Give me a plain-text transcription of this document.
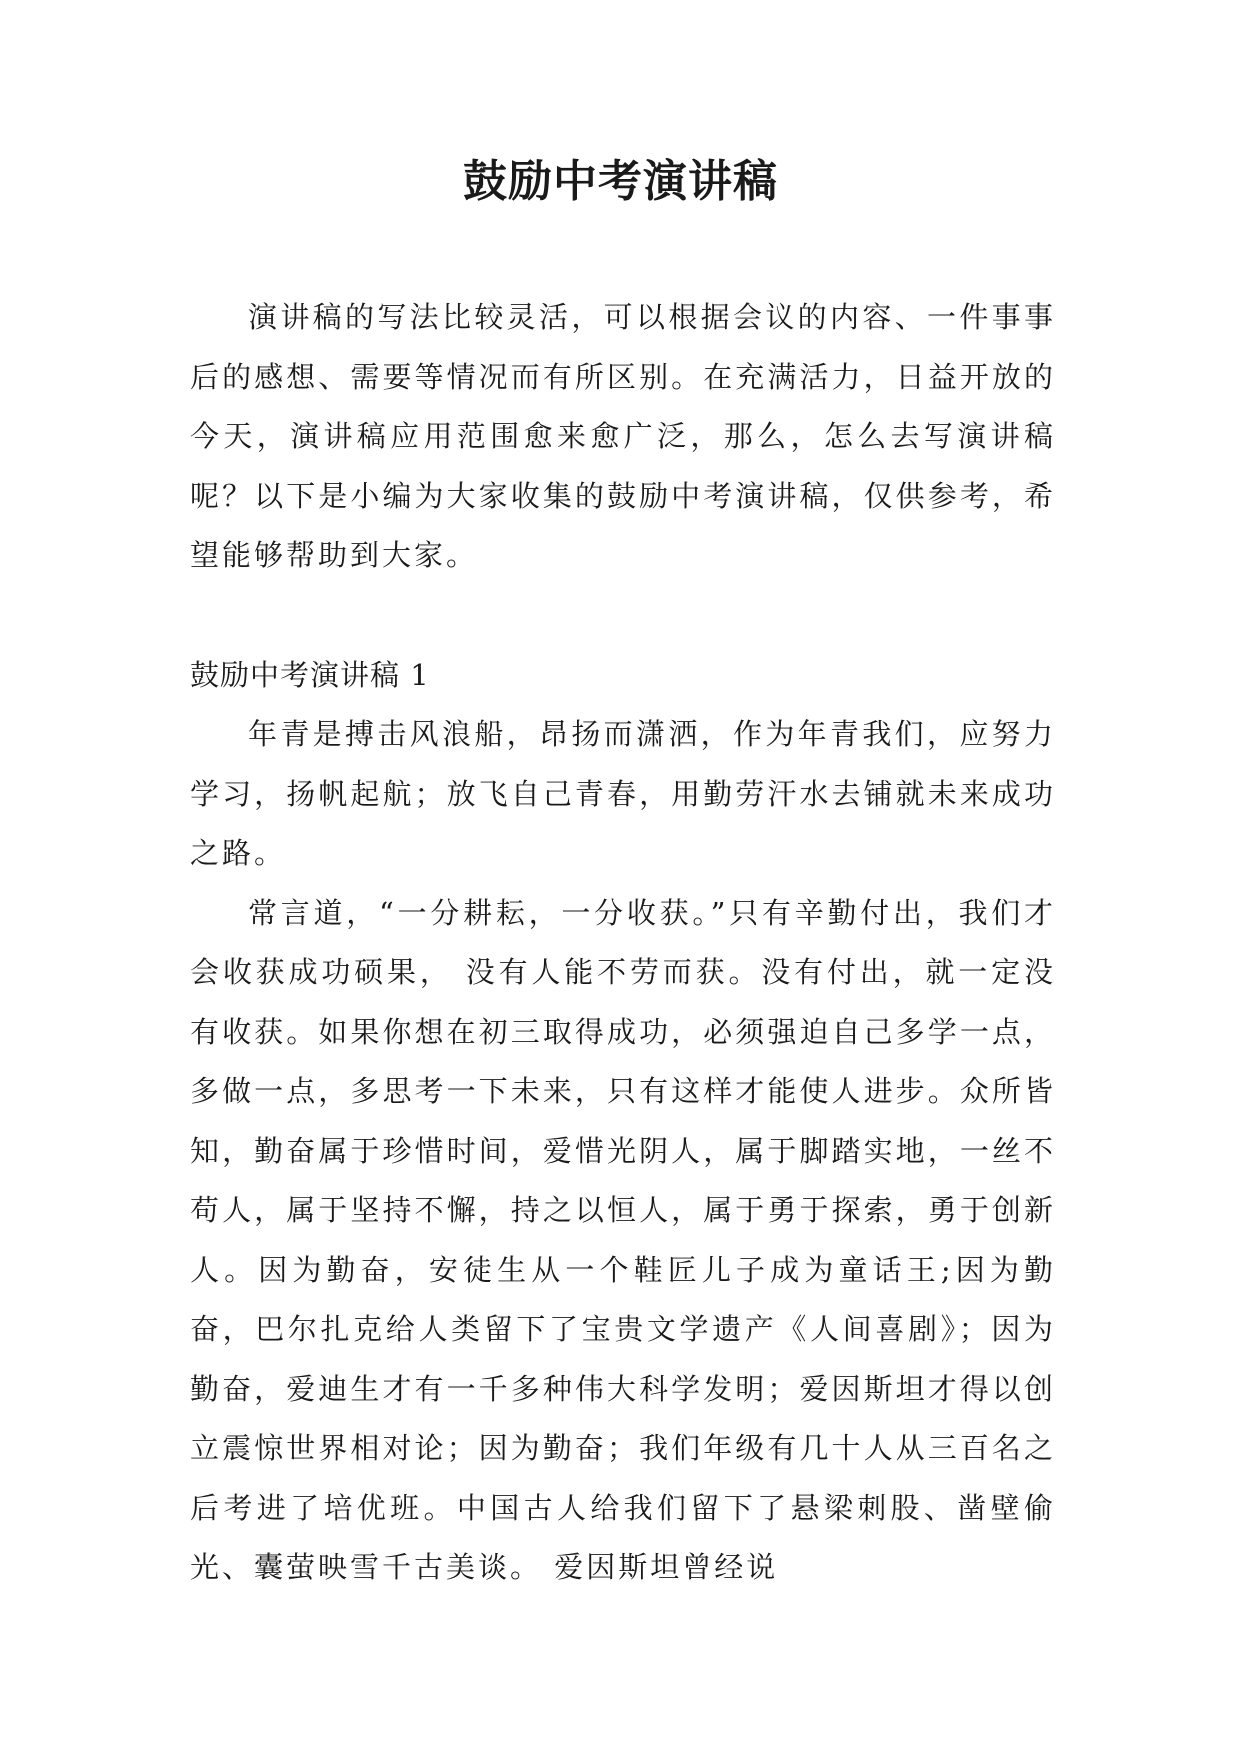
鼓励中考演讲稿

演讲稿的写法比较灵活，可以根据会议的内容、一件事事后的感想、需要等情况而有所区别。在充满活力，日益开放的今天，演讲稿应用范围愈来愈广泛，那么，怎么去写演讲稿呢？以下是小编为大家收集的鼓励中考演讲稿，仅供参考，希望能够帮助到大家。

鼓励中考演讲稿 1

年青是搏击风浪船，昂扬而潇洒，作为年青我们，应努力学习，扬帆起航；放飞自己青春，用勤劳汗水去铺就未来成功之路。

常言道，“一分耕耘，一分收获。”只有辛勤付出，我们才会收获成功硕果， 没有人能不劳而获。没有付出，就一定没有收获。如果你想在初三取得成功，必须强迫自己多学一点，多做一点，多思考一下未来，只有这样才能使人进步。众所皆知，勤奋属于珍惜时间，爱惜光阴人，属于脚踏实地，一丝不苟人，属于坚持不懈，持之以恒人，属于勇于探索，勇于创新人。因为勤奋，安徒生从一个鞋匠儿子成为童话王;因为勤奋，巴尔扎克给人类留下了宝贵文学遗产《人间喜剧》；因为勤奋，爱迪生才有一千多种伟大科学发明；爱因斯坦才得以创立震惊世界相对论；因为勤奋；我们年级有几十人从三百名之后考进了培优班。中国古人给我们留下了悬梁刺股、凿壁偷光、囊萤映雪千古美谈。 爱因斯坦曾经说
